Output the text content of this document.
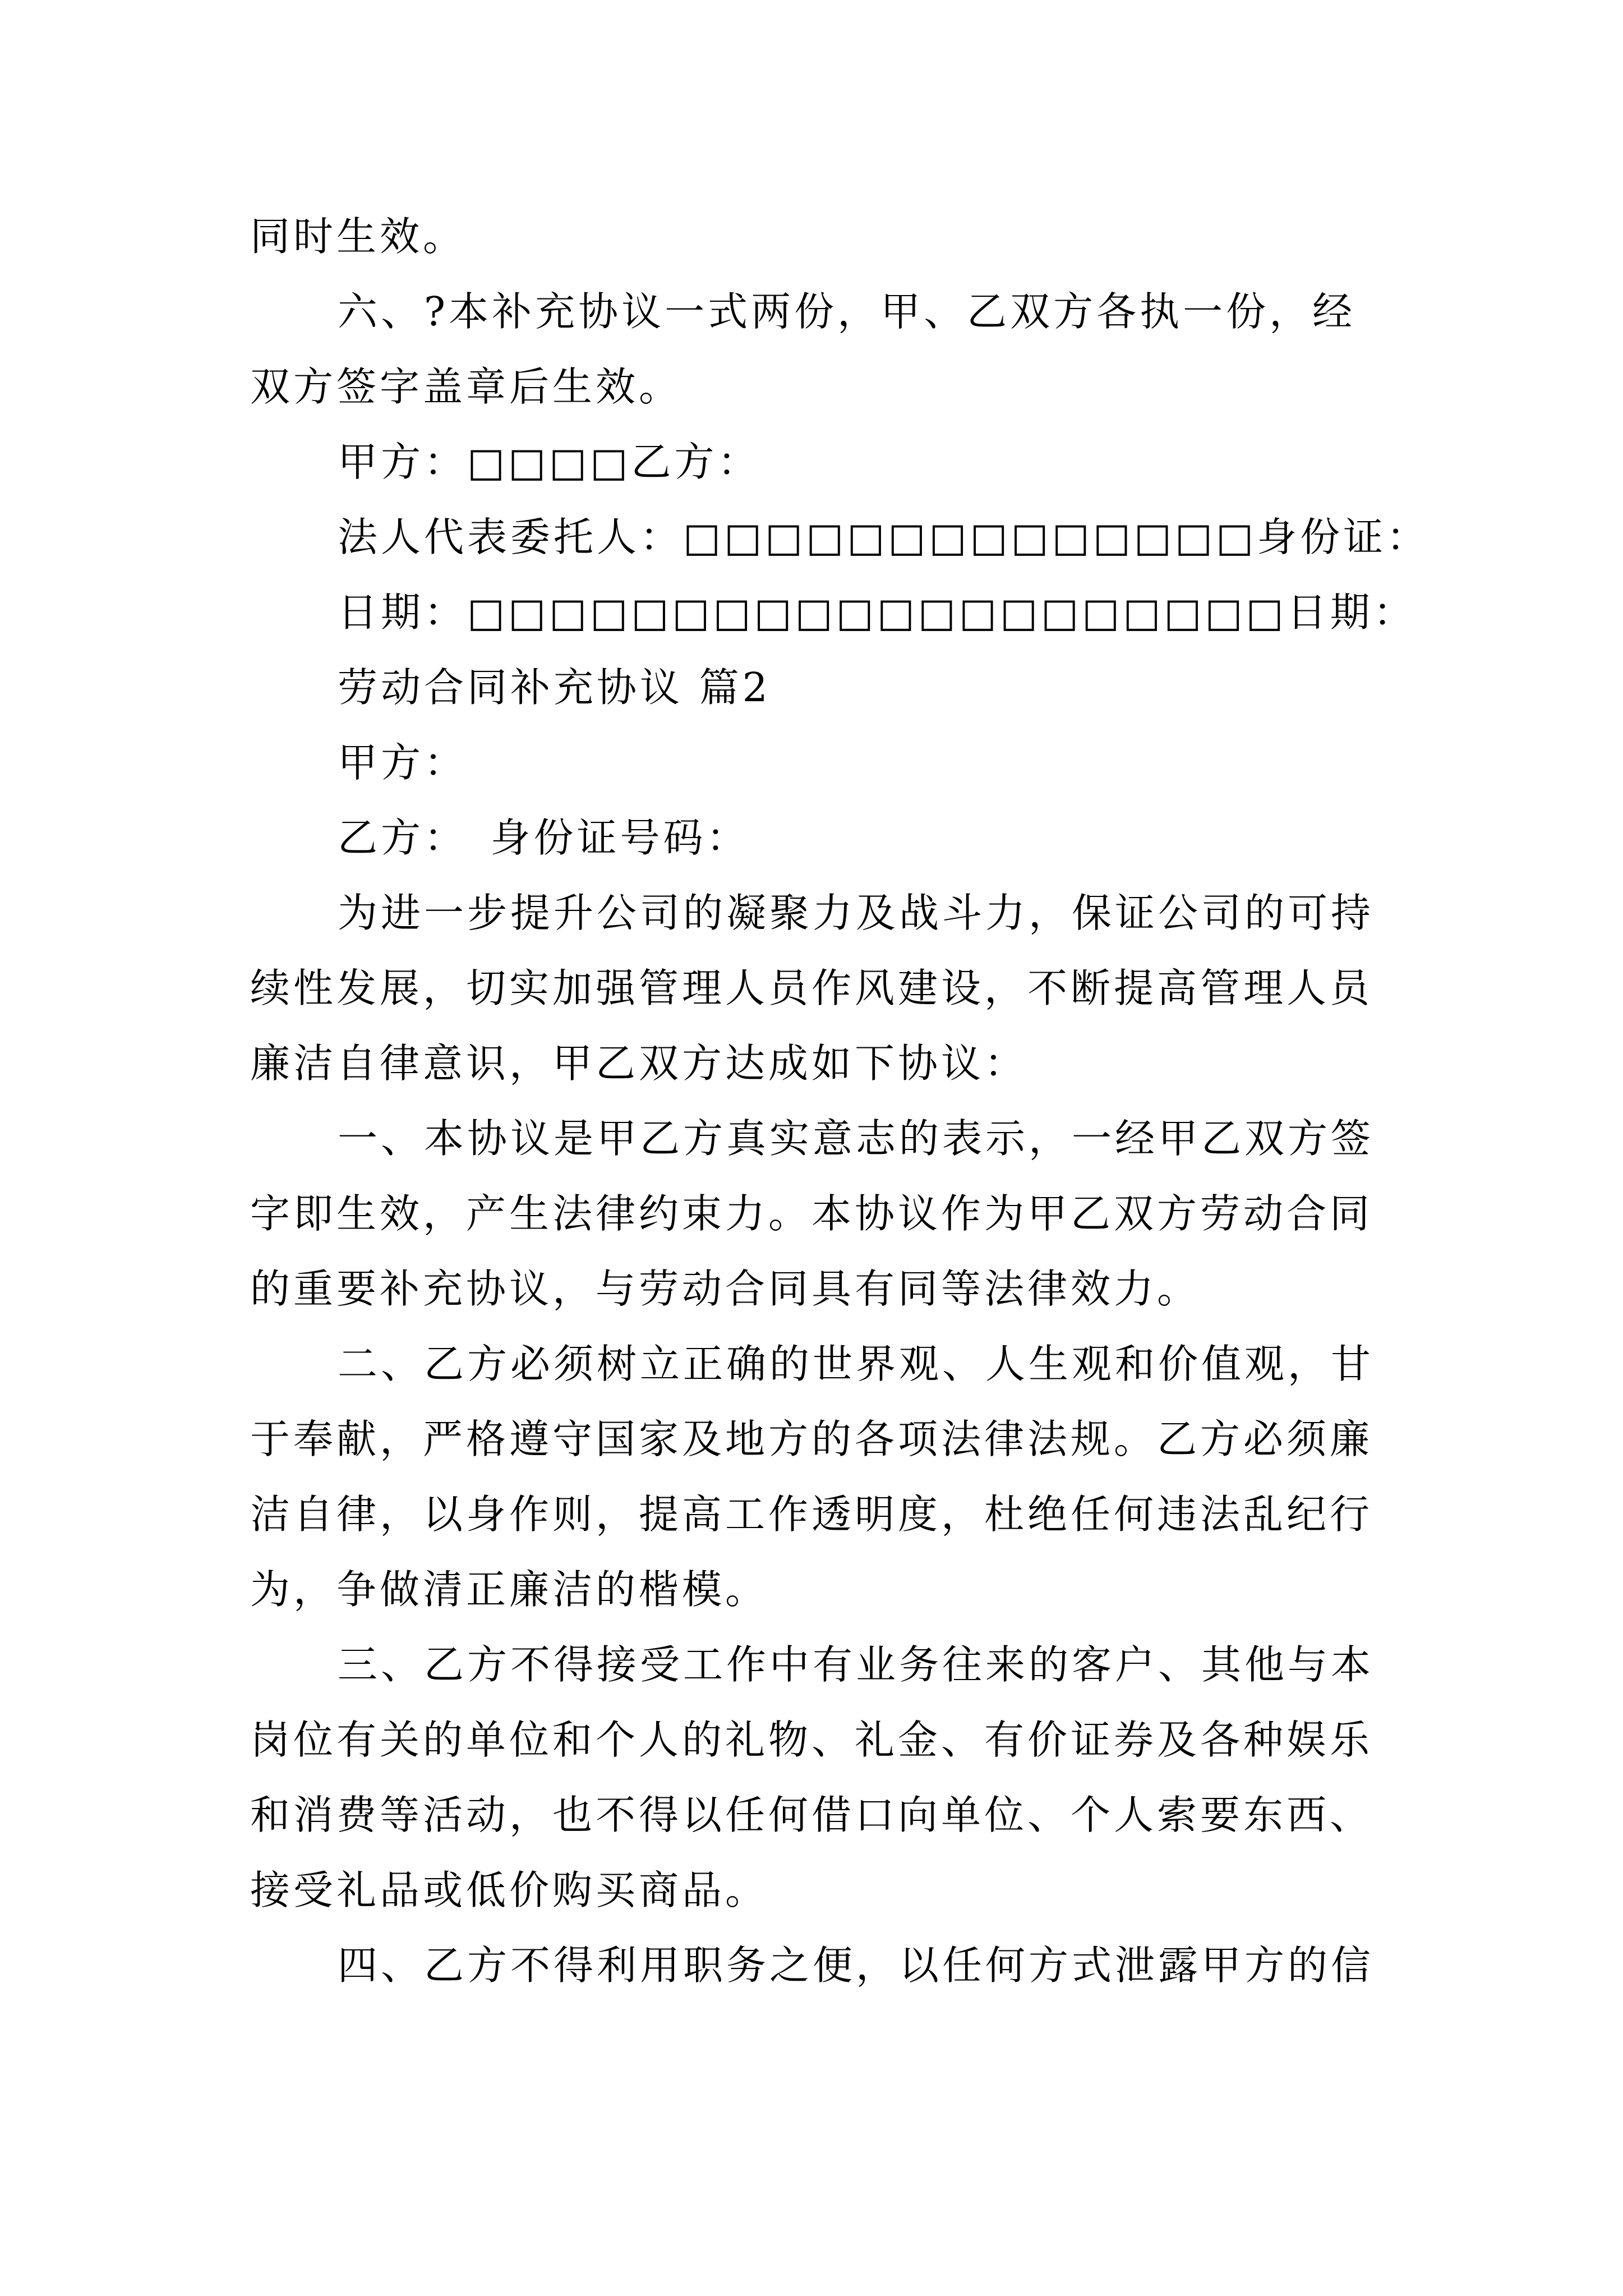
同时生效。
六、?本补充协议一式两份，甲、乙双方各执一份，经
双方签字盖章后生效。
甲方：□□□□乙方：
法人代表委托人：□□□□□□□□□□□□□□身份证：
日期：□□□□□□□□□□□□□□□□□□□□日期：
劳动合同补充协议 篇2
甲方：
乙方：　身份证号码：
为进一步提升公司的凝聚力及战斗力，保证公司的可持
续性发展，切实加强管理人员作风建设，不断提高管理人员
廉洁自律意识，甲乙双方达成如下协议：
一、本协议是甲乙方真实意志的表示，一经甲乙双方签
字即生效，产生法律约束力。本协议作为甲乙双方劳动合同
的重要补充协议，与劳动合同具有同等法律效力。
二、乙方必须树立正确的世界观、人生观和价值观，甘
于奉献，严格遵守国家及地方的各项法律法规。乙方必须廉
洁自律，以身作则，提高工作透明度，杜绝任何违法乱纪行
为，争做清正廉洁的楷模。
三、乙方不得接受工作中有业务往来的客户、其他与本
岗位有关的单位和个人的礼物、礼金、有价证券及各种娱乐
和消费等活动，也不得以任何借口向单位、个人索要东西、
接受礼品或低价购买商品。
四、乙方不得利用职务之便，以任何方式泄露甲方的信
